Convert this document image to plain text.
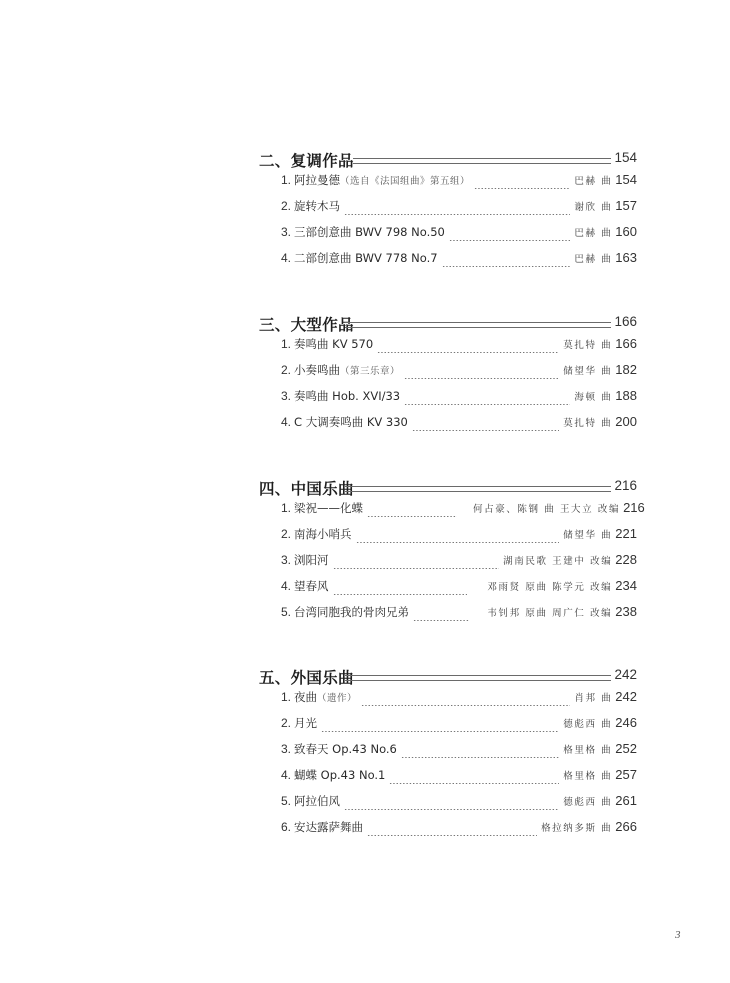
二、复调作品	154
1. 阿拉曼德 （选自《法国组曲》第五组）	巴赫 曲 154
2. 旋转木马	谢欣 曲 157
3. 三部创意曲 BWV 798 No.50	巴赫 曲 160
4. 二部创意曲 BWV 778 No.7	巴赫 曲 163
三、大型作品	166
1. 奏鸣曲 KV 570	莫扎特 曲 166
2. 小奏鸣曲 （第三乐章）	储望华 曲 182
3. 奏鸣曲 Hob. XVI/33	海顿 曲 188
4. C 大调奏鸣曲 KV 330	莫扎特 曲 200
四、中国乐曲	216
1. 梁祝——化蝶	何占豪、陈钢 曲 王大立 改编 216
2. 南海小哨兵	储望华 曲 221
3. 浏阳河	湖南民歌 王建中 改编 228
4. 望春风	邓雨贤 原曲 陈学元 改编 234
5. 台湾同胞我的骨肉兄弟	韦钊邦 原曲 周广仁 改编 238
五、外国乐曲	242
1. 夜曲 （遗作）	肖邦 曲 242
2. 月光	德彪西 曲 246
3. 致春天 Op.43 No.6	格里格 曲 252
4. 蝴蝶 Op.43 No.1	格里格 曲 257
5. 阿拉伯风	德彪西 曲 261
6. 安达露萨舞曲	格拉纳多斯 曲 266
3
